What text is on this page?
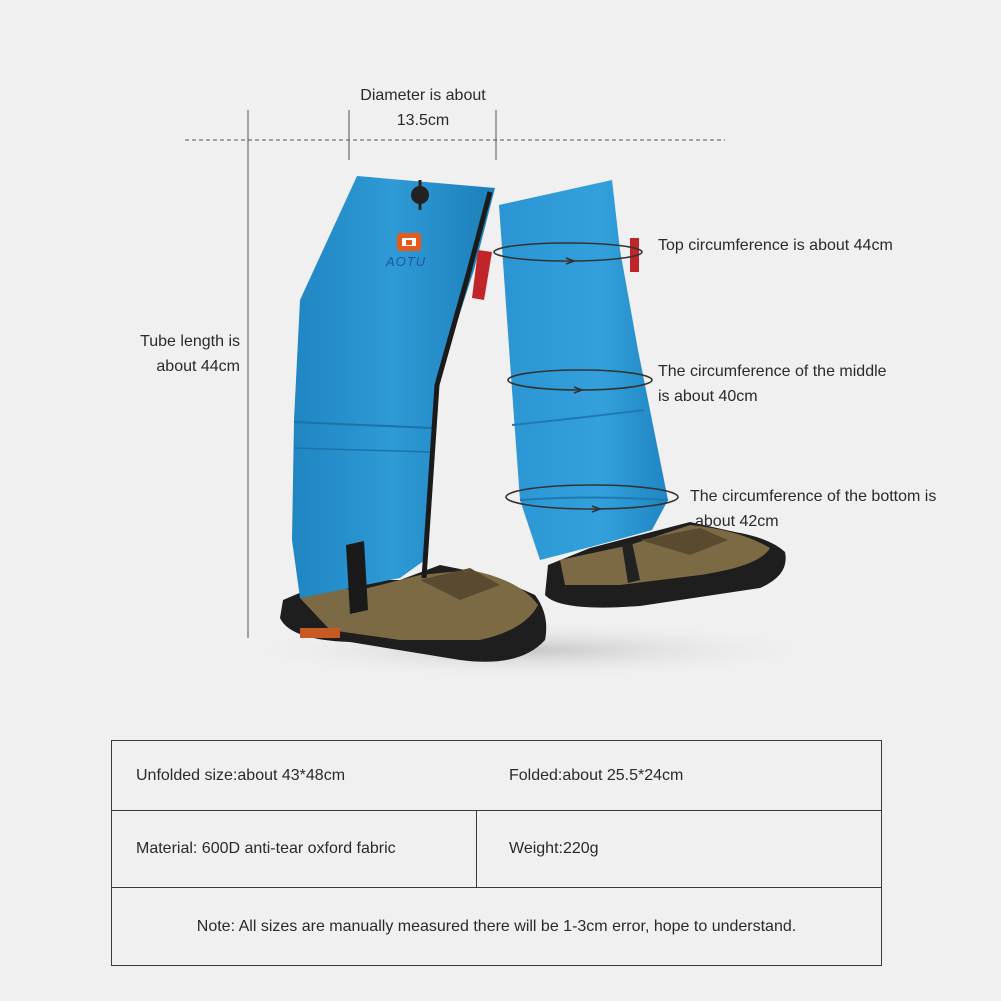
AOTU
Diameter is about
13.5cm
Tube length is
about 44cm
Top circumference is about 44cm
The circumference of the middle
is about 40cm
The circumference of the bottom is
about 42cm
Unfolded size:about 43*48cm	Folded:about 25.5*24cm
Material: 600D anti-tear oxford fabric	Weight:220g
Note: All sizes are manually measured there will be 1-3cm error, hope to understand.
